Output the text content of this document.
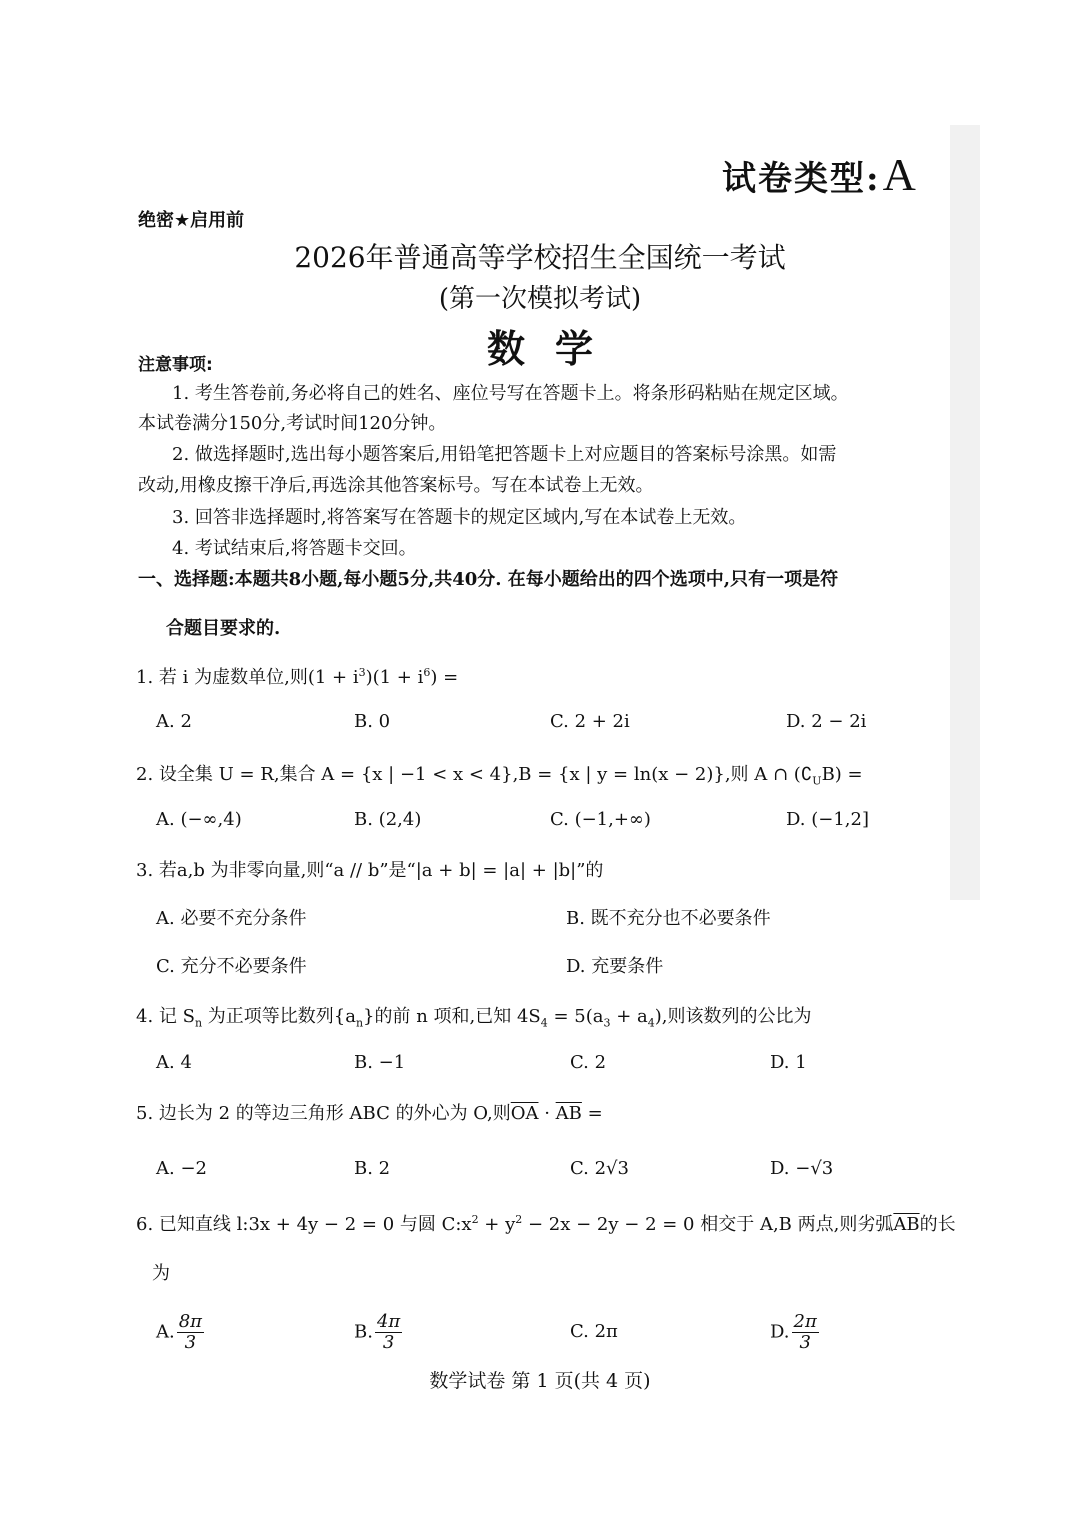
试卷类型:A
绝密★启用前
2026年普通高等学校招生全国统一考试
(第一次模拟考试)
数学
注意事项:
1. 考生答卷前,务必将自己的姓名、座位号写在答题卡上。将条形码粘贴在规定区域。
本试卷满分150分,考试时间120分钟。
2. 做选择题时,选出每小题答案后,用铅笔把答题卡上对应题目的答案标号涂黑。如需
改动,用橡皮擦干净后,再选涂其他答案标号。写在本试卷上无效。
3. 回答非选择题时,将答案写在答题卡的规定区域内,写在本试卷上无效。
4. 考试结束后,将答题卡交回。
一、选择题:本题共8小题,每小题5分,共40分. 在每小题给出的四个选项中,只有一项是符
合题目要求的.
1. 若 i 为虚数单位,则$(1 + i^3)(1 + i^6)$ =
A. 2	B. 0	C. 2 + 2i	D. 2 − 2i
2. 设全集 U = R,集合 A = {x | −1 < x < 4},B = {x | y = ln(x − 2)},则 A ∩ $(∁_UB)$ =
A. (−∞,4)	B. (2,4)	C. (−1,+∞)	D. (−1,2]
3. 若a,b 为非零向量,则“a // b”是“|a + b| = |a| + |b|”的
A. 必要不充分条件	B. 既不充分也不必要条件
C. 充分不必要条件	D. 充要条件
4. 记 $S_n$ 为正项等比数列$\{a_n\}$的前 n 项和,已知 $4S_4 = 5(a_3 + a_4)$,则该数列的公比为
A. 4	B. −1	C. 2	D. 1
5. 边长为 2 的等边三角形 ABC 的外心为 O,则$\overline{OA} \cdot \overline{AB}$ =
A. −2	B. 2	C. 2√3	D. −√3
6. 已知直线 l:3x + 4y − 2 = 0 与圆 $C:x^2 + y^2 - 2x - 2y - 2 = 0$ 相交于 A,B 两点,则劣弧$\overline{AB}$的长
为
A. $\frac{8\pi}{3}$	B. $\frac{4\pi}{3}$	C. 2π	D. $\frac{2\pi}{3}$
数学试卷 第 1 页(共 4 页)
